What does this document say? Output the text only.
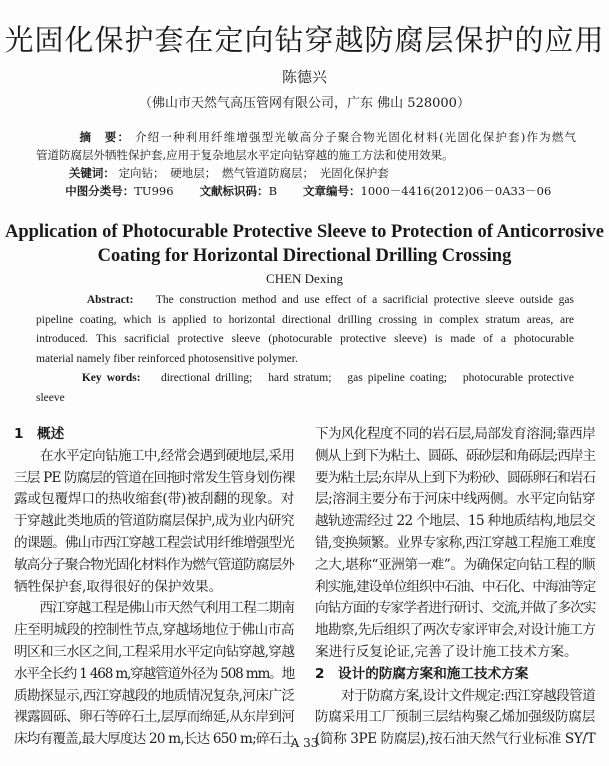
光固化保护套在定向钻穿越防腐层保护的应用
陈德兴
（佛山市天然气高压管网有限公司，广东 佛山 528000）
摘　要： 介绍一种利用纤维增强型光敏高分子聚合物光固化材料(光固化保护套)作为燃气
管道防腐层外牺牲保护套,应用于复杂地层水平定向钻穿越的施工方法和使用效果。
关键词： 定向钻；　硬地层；　燃气管道防腐层；　光固化保护套
中图分类号：TU996 文献标识码：B 文章编号：1000－4416(2012)06－0A33－06
Application of Photocurable Protective Sleeve to Protection of Anticorrosive
Coating for Horizontal Directional Drilling Crossing
CHEN Dexing
Abstract: The construction method and use effect of a sacrificial protective sleeve outside gas
pipeline coating, which is applied to horizontal directional drilling crossing in complex stratum areas, are
introduced. This sacrificial protective sleeve (photocurable protective sleeve) is made of a photocurable
material namely fiber reinforced photosensitive polymer.
Key words: directional drilling;　hard stratum;　gas pipeline coating;　photocurable protective
sleeve
1　概述
　　在水平定向钻施工中,经常会遇到硬地层,采用
三层 PE 防腐层的管道在回拖时常发生管身划伤裸
露或包覆焊口的热收缩套(带)被刮翻的现象。对
于穿越此类地质的管道防腐层保护,成为业内研究
的课题。佛山市西江穿越工程尝试用纤维增强型光
敏高分子聚合物光固化材料作为燃气管道防腐层外
牺牲保护套,取得很好的保护效果。
　　西江穿越工程是佛山市天然气利用工程二期南
庄至明城段的控制性节点,穿越场地位于佛山市高
明区和三水区之间,工程采用水平定向钻穿越,穿越
水平全长约 1 468 m,穿越管道外径为 508 mm。地
质勘探显示,西江穿越段的地质情况复杂,河床广泛
裸露圆砾、卵石等碎石土,层厚而绵延,从东岸到河
床均有覆盖,最大厚度达 20 m,长达 650 m;碎石土
下为风化程度不同的岩石层,局部发育溶洞;靠西岸
侧从上到下为粘土、圆砾、砾砂层和角砾层;西岸主
要为粘土层;东岸从上到下为粉砂、圆砾卵石和岩石
层;溶洞主要分布于河床中线两侧。水平定向钻穿
越轨迹需经过 22 个地层、15 种地质结构,地层交
错,变换频繁。业界专家称,西江穿越工程施工难度
之大,堪称“亚洲第一难”。为确保定向钻工程的顺
利实施,建设单位组织中石油、中石化、中海油等定
向钻方面的专家学者进行研讨、交流,并做了多次实
地勘察,先后组织了两次专家评审会,对设计施工方
案进行反复论证,完善了设计施工技术方案。
2　设计的防腐方案和施工技术方案
　　对于防腐方案,设计文件规定:西江穿越段管道
防腐采用工厂预制三层结构聚乙烯加强级防腐层
(简称 3PE 防腐层),按石油天然气行业标准 SY/T
· A 33 ·
